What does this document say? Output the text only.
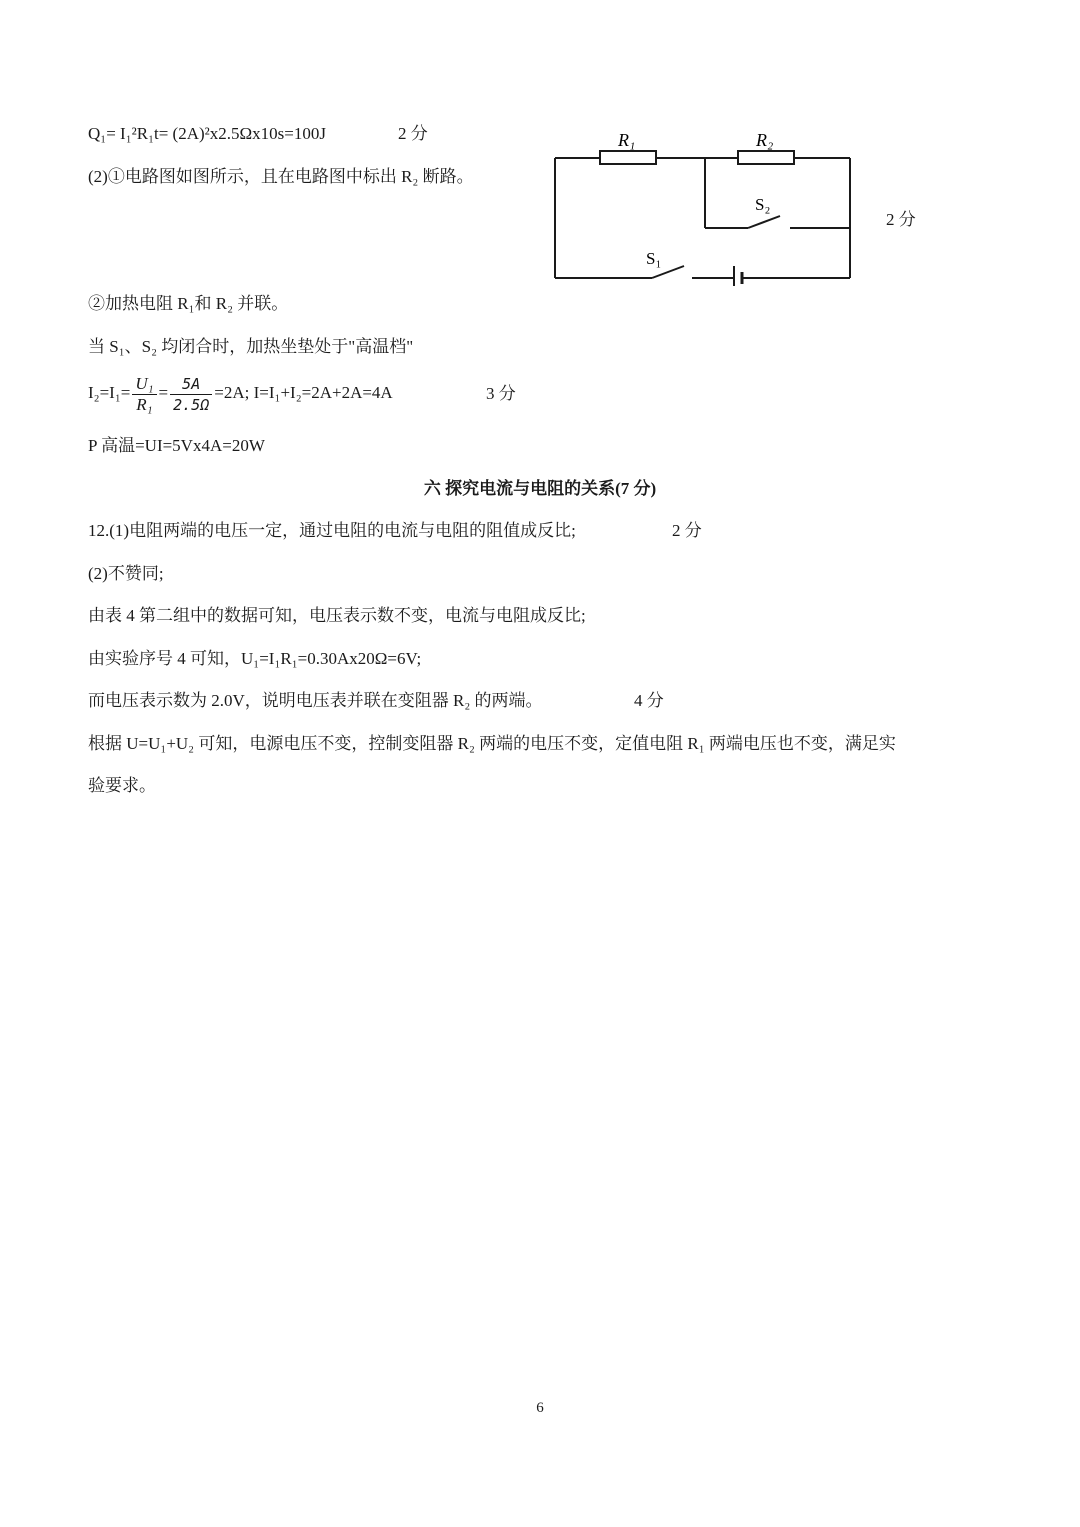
Q₁= I₁²R₁t= (2A)²x2.5Ωx10s=100J	2 分
(2)①电路图如图所示，且在电路图中标出 R₂ 断路。
R₁	R₂
S₂
S₁
2 分
②加热电阻 R₁和 R₂ 并联。
当 S₁、S₂ 均闭合时，加热坐垫处于"高温档"
$I_2=I_1= \frac{\text{U₁}}{\text{R₁}} = \frac{5A}{2.5\Omega} =2A$; I=I₁+I₂=2A+2A=4A	3 分
P 高温=UI=5Vx4A=20W
六 探究电流与电阻的关系(7 分)
12.(1)电阻两端的电压一定，通过电阻的电流与电阻的阻值成反比;	2 分
(2)不赞同;
由表 4 第二组中的数据可知，电压表示数不变，电流与电阻成反比;
由实验序号 4 可知，U₁=I₁R₁=0.30Ax20Ω=6V;
而电压表示数为 2.0V，说明电压表并联在变阻器 R₂ 的两端。	4 分
根据 U=U₁+U₂ 可知，电源电压不变，控制变阻器 R₂ 两端的电压不变，定值电阻 R₁ 两端电压也不变，满足实
验要求。
6
